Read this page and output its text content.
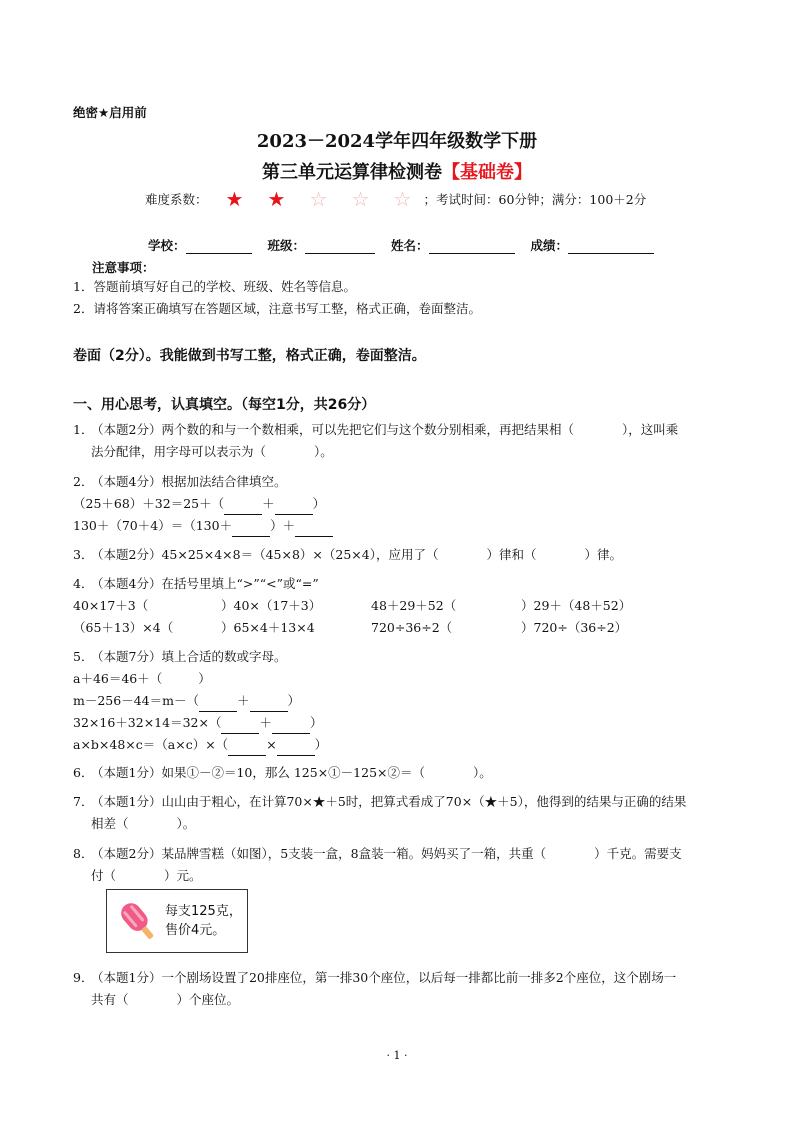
绝密★启用前
2023－2024学年四年级数学下册
第三单元运算律检测卷【基础卷】
难度系数： ★	★	☆	☆	☆ ；考试时间：60分钟；满分：100＋2分
学校：	班级：	姓名：	成绩：
注意事项：
1．答题前填写好自己的学校、班级、姓名等信息。
2．请将答案正确填写在答题区域，注意书写工整，格式正确，卷面整洁。
卷面（2分）。我能做到书写工整，格式正确，卷面整洁。
一、用心思考，认真填空。（每空1分，共26分）
1．
（本题2分）两个数的和与一个数相乘，可以先把它们与这个数分别相乘，再把结果相（	），这叫乘
法分配律，用字母可以表示为（	）。
2．
（本题4分）根据加法结合律填空。
（25＋68）＋32＝25＋（	＋	）
130＋（70＋4）＝（130＋	）＋
3．
（本题2分）45×25×4×8＝（45×8）×（25×4），应用了（	）律和（	）律。
4．
（本题4分）在括号里填上“>”“<”或“=”
40×17＋3（	）40×（17＋3）	48＋29＋52（	）29＋（48＋52）
（65＋13）×4（	）65×4＋13×4	720÷36÷2（	）720÷（36÷2）
5．
（本题7分）填上合适的数或字母。
a＋46＝46＋（	）
m－256－44＝m－（	＋	）
32×16＋32×14＝32×（	＋	）
a×b×48×c＝（a×c）×（	×	）
6．
（本题1分）如果①－②＝10，那么 125×①－125×②＝（	）。
7．
（本题1分）山山由于粗心，在计算70×★＋5时，把算式看成了70×（★＋5），他得到的结果与正确的结果
相差（	）。
8．
（本题2分）某品牌雪糕（如图），5支装一盒，8盒装一箱。妈妈买了一箱，共重（	）千克。需要支
付（	）元。
每支125克，
售价4元。
9．
（本题1分）一个剧场设置了20排座位，第一排30个座位，以后每一排都比前一排多2个座位，这个剧场一
共有（	）个座位。
· 1 ·
